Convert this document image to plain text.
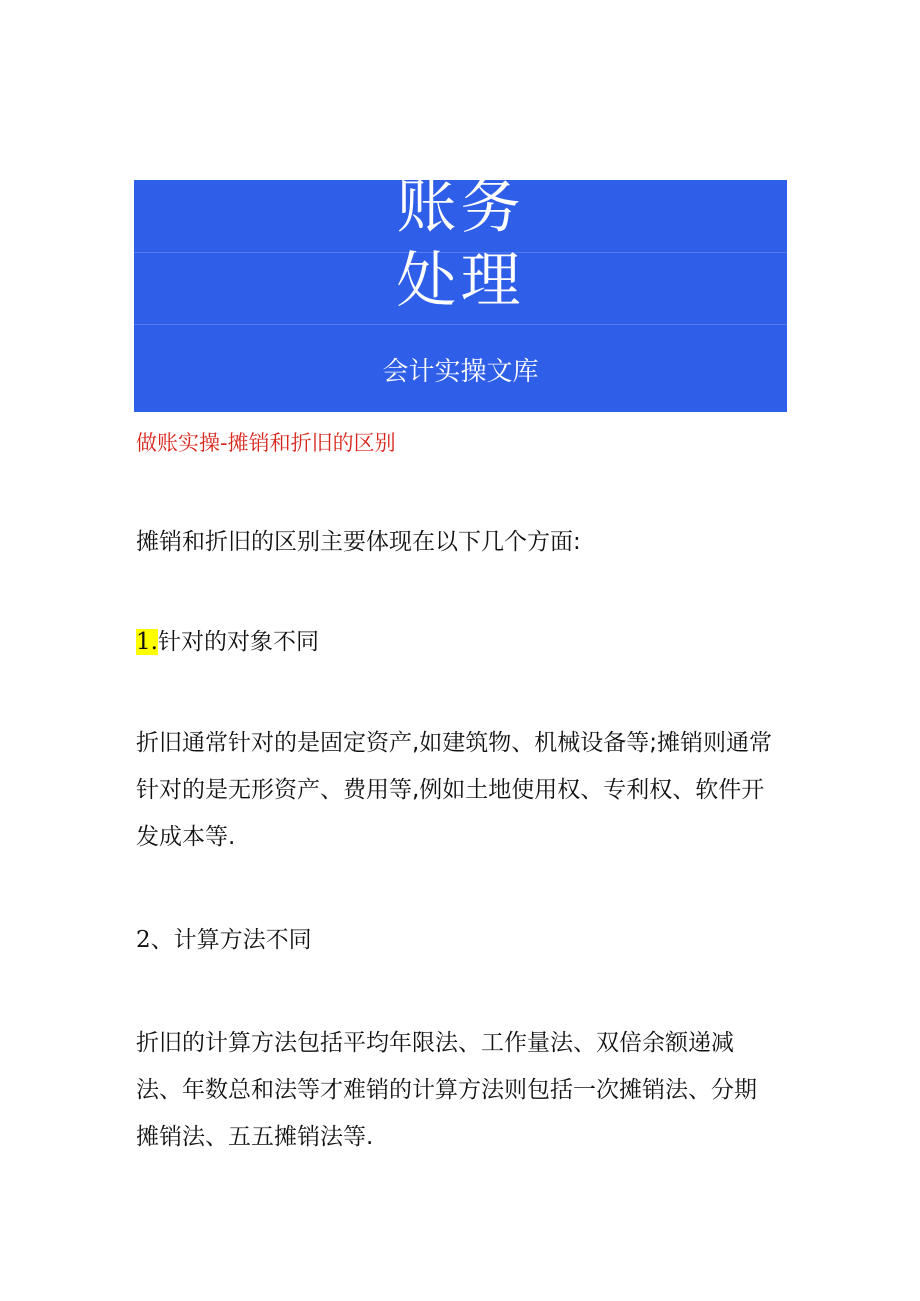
账务
处理
会计实操文库
做账实操-摊销和折旧的区别
摊销和折旧的区别主要体现在以下几个方面:
1.针对的对象不同
折旧通常针对的是固定资产,如建筑物、机械设备等;摊销则通常
针对的是无形资产、费用等,例如土地使用权、专利权、软件开
发成本等.
2、计算方法不同
折旧的计算方法包括平均年限法、工作量法、双倍余额递减
法、年数总和法等才难销的计算方法则包括一次摊销法、分期
摊销法、五五摊销法等.
